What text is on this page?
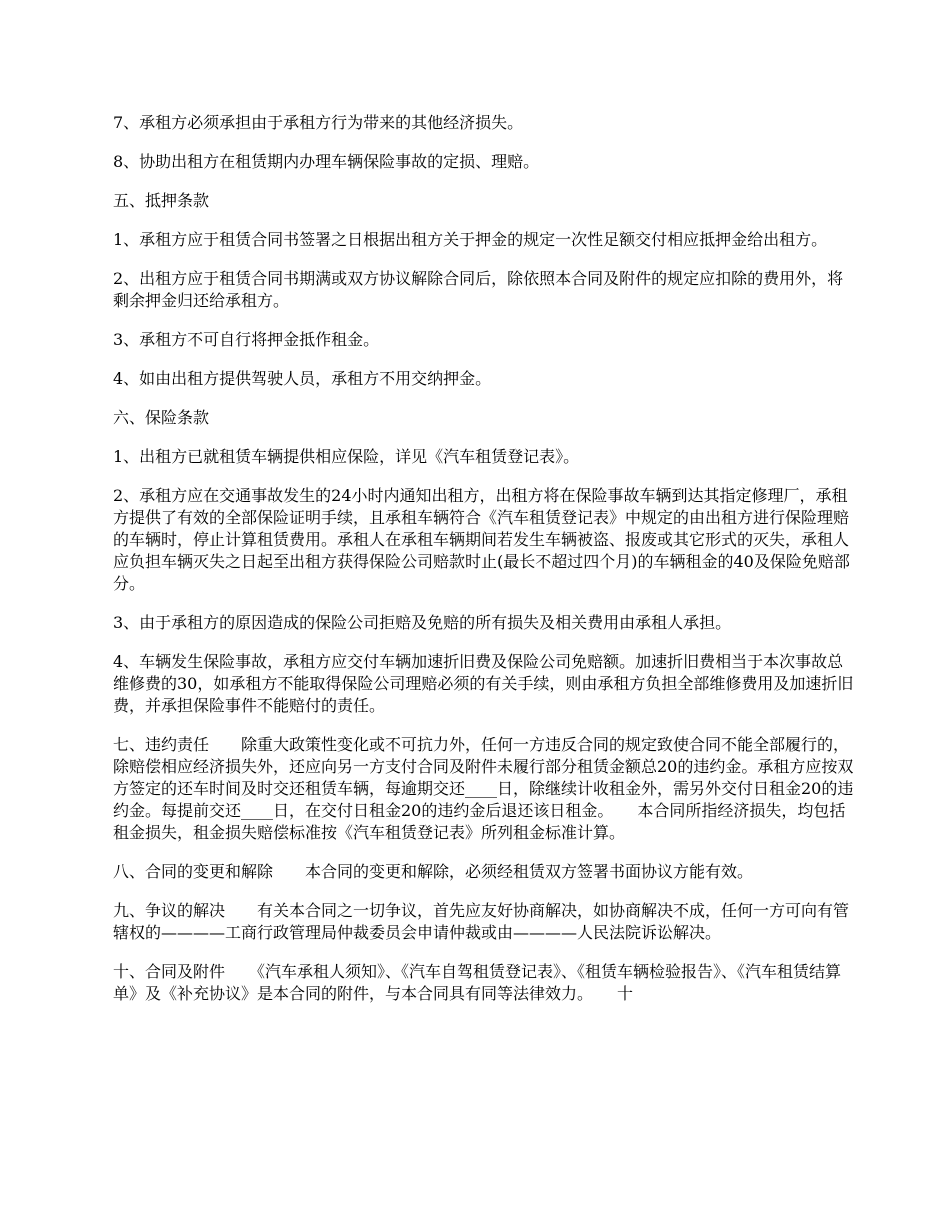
7、承租方必须承担由于承租方行为带来的其他经济损失。

8、协助出租方在租赁期内办理车辆保险事故的定损、理赔。

五、抵押条款

1、承租方应于租赁合同书签署之日根据出租方关于押金的规定一次性足额交付相应抵押金给出租方。

2、出租方应于租赁合同书期满或双方协议解除合同后，除依照本合同及附件的规定应扣除的费用外，将剩余押金归还给承租方。

3、承租方不可自行将押金抵作租金。

4、如由出租方提供驾驶人员，承租方不用交纳押金。

六、保险条款

1、出租方已就租赁车辆提供相应保险，详见《汽车租赁登记表》。

2、承租方应在交通事故发生的24小时内通知出租方，出租方将在保险事故车辆到达其指定修理厂，承租方提供了有效的全部保险证明手续，且承租车辆符合《汽车租赁登记表》中规定的由出租方进行保险理赔的车辆时，停止计算租赁费用。承租人在承租车辆期间若发生车辆被盗、报废或其它形式的灭失，承租人应负担车辆灭失之日起至出租方获得保险公司赔款时止(最长不超过四个月)的车辆租金的40及保险免赔部分。

3、由于承租方的原因造成的保险公司拒赔及免赔的所有损失及相关费用由承租人承担。

4、车辆发生保险事故，承租方应交付车辆加速折旧费及保险公司免赔额。加速折旧费相当于本次事故总维修费的30，如承租方不能取得保险公司理赔必须的有关手续，则由承租方负担全部维修费用及加速折旧费，并承担保险事件不能赔付的责任。

七、违约责任　　除重大政策性变化或不可抗力外，任何一方违反合同的规定致使合同不能全部履行的，除赔偿相应经济损失外，还应向另一方支付合同及附件未履行部分租赁金额总20的违约金。承租方应按双方签定的还车时间及时交还租赁车辆，每逾期交还____日，除继续计收租金外，需另外交付日租金20的违约金。每提前交还____日，在交付日租金20的违约金后退还该日租金。　　本合同所指经济损失，均包括租金损失，租金损失赔偿标准按《汽车租赁登记表》所列租金标准计算。

八、合同的变更和解除　　本合同的变更和解除，必须经租赁双方签署书面协议方能有效。

九、争议的解决　　有关本合同之一切争议，首先应友好协商解决，如协商解决不成，任何一方可向有管辖权的————工商行政管理局仲裁委员会申请仲裁或由————人民法院诉讼解决。

十、合同及附件　　《汽车承租人须知》、《汽车自驾租赁登记表》、《租赁车辆检验报告》、《汽车租赁结算单》及《补充协议》是本合同的附件，与本合同具有同等法律效力。　　十
